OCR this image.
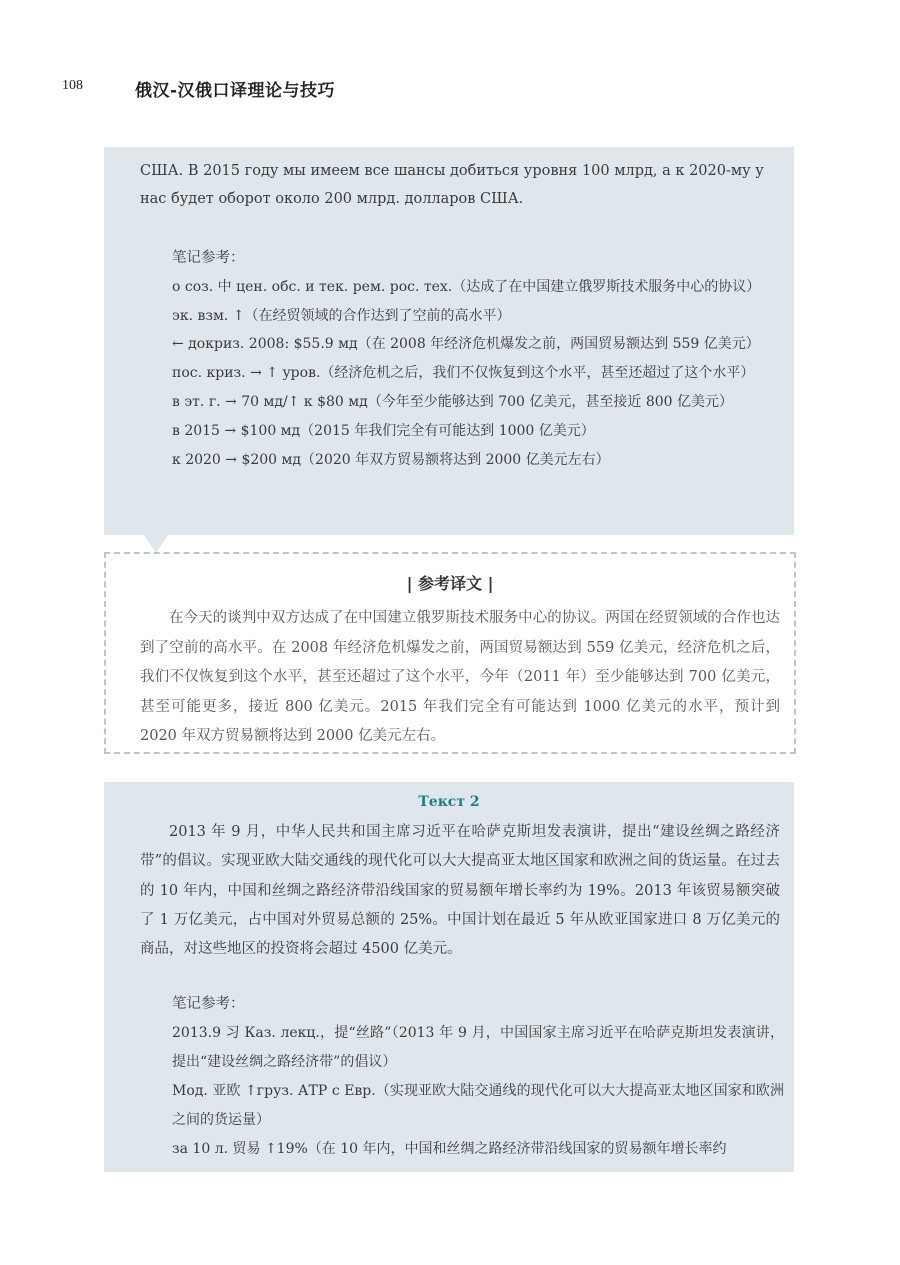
108	俄汉-汉俄口译理论与技巧
США. В 2015 году мы имеем все шансы добиться уровня 100 млрд, а к 2020-му у нас будет оборот около 200 млрд. долларов США.
笔记参考：
о соз. 中 цен. обс. и тек. рем. рос. тех.（达成了在中国建立俄罗斯技术服务中心的协议）
эк. взм. ↑（在经贸领域的合作达到了空前的高水平）
← докриз. 2008: $55.9 мд（在 2008 年经济危机爆发之前，两国贸易额达到 559 亿美元）
пос. криз. → ↑ уров.（经济危机之后，我们不仅恢复到这个水平，甚至还超过了这个水平）
в эт. г. → 70 мд/↑ к $80 мд（今年至少能够达到 700 亿美元，甚至接近 800 亿美元）
в 2015 → $100 мд（2015 年我们完全有可能达到 1000 亿美元）
к 2020 → $200 мд（2020 年双方贸易额将达到 2000 亿美元左右）
| 参考译文 |
在今天的谈判中双方达成了在中国建立俄罗斯技术服务中心的协议。两国在经贸领域的合作也达到了空前的高水平。在 2008 年经济危机爆发之前，两国贸易额达到 559 亿美元，经济危机之后，我们不仅恢复到这个水平，甚至还超过了这个水平，今年（2011 年）至少能够达到 700 亿美元，甚至可能更多，接近 800 亿美元。2015 年我们完全有可能达到 1000 亿美元的水平，预计到 2020 年双方贸易额将达到 2000 亿美元左右。
Текст 2
2013 年 9 月，中华人民共和国主席习近平在哈萨克斯坦发表演讲，提出“建设丝绸之路经济带”的倡议。实现亚欧大陆交通线的现代化可以大大提高亚太地区国家和欧洲之间的货运量。在过去的 10 年内，中国和丝绸之路经济带沿线国家的贸易额年增长率约为 19%。2013 年该贸易额突破了 1 万亿美元，占中国对外贸易总额的 25%。中国计划在最近 5 年从欧亚国家进口 8 万亿美元的商品，对这些地区的投资将会超过 4500 亿美元。
笔记参考：
2013.9 习 Каз. лекц.，提“丝路”（2013 年 9 月，中国国家主席习近平在哈萨克斯坦发表演讲，提出“建设丝绸之路经济带”的倡议）
Мод. 亚欧 ↑груз. АТР с Евр.（实现亚欧大陆交通线的现代化可以大大提高亚太地区国家和欧洲之间的货运量）
за 10 л. 贸易 ↑19%（在 10 年内，中国和丝绸之路经济带沿线国家的贸易额年增长率约
